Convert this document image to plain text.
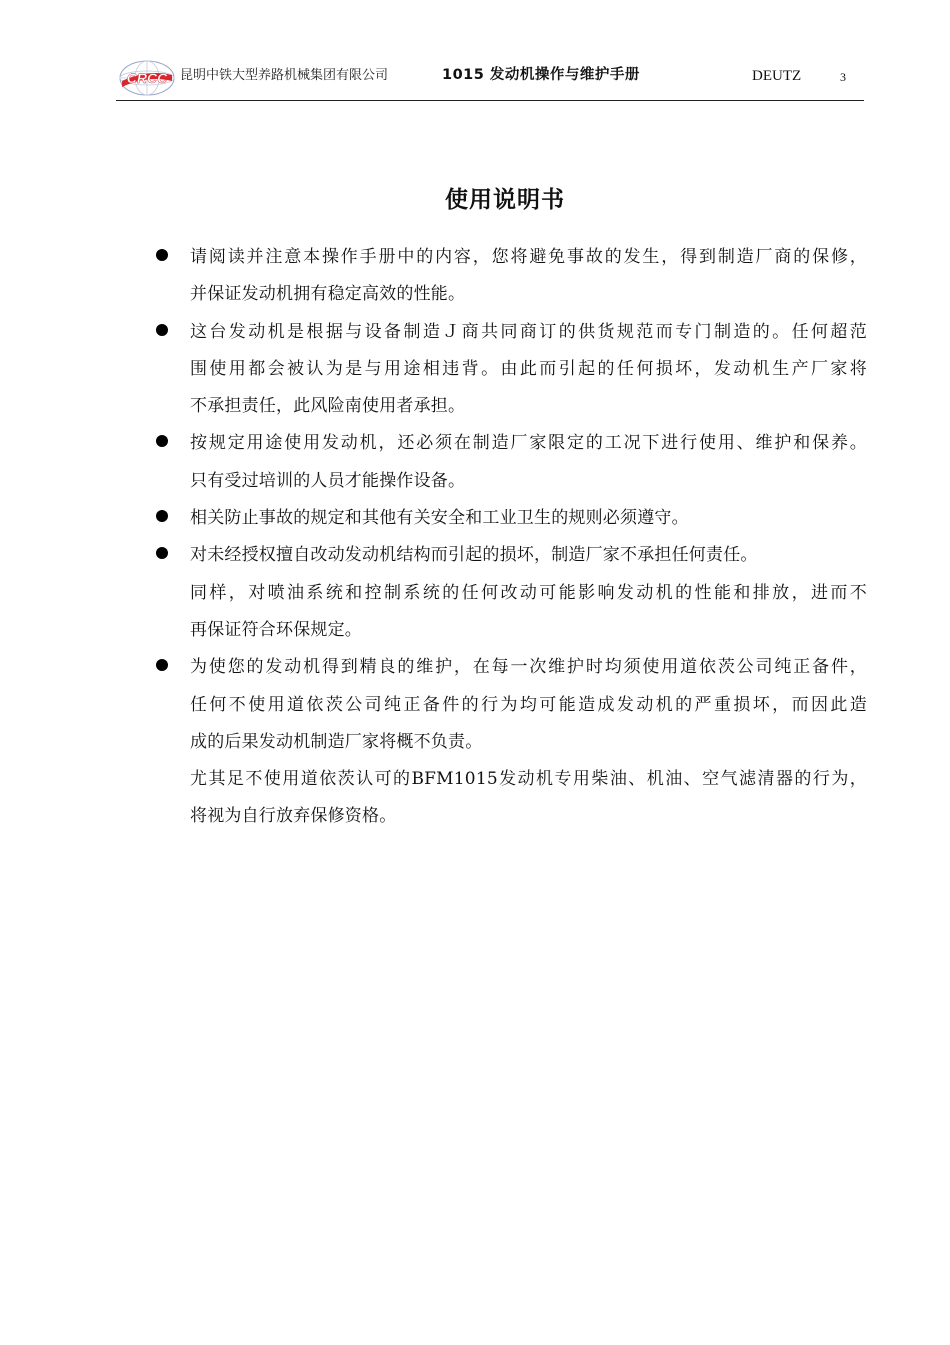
CRCC 昆明中铁大型养路机械集团有限公司	1015 发动机操作与维护手册	DEUTZ	3
使用说明书
请阅读并注意本操作手册中的内容，您将避免事故的发生，得到制造厂商的保修，
并保证发动机拥有稳定高效的性能。
这台发动机是根据与设备制造Ｊ商共同商订的供货规范而专门制造的。任何超范
围使用都会被认为是与用途相违背。由此而引起的任何损坏，发动机生产厂家将
不承担责任，此风险南使用者承担。
按规定用途使用发动机，还必须在制造厂家限定的工况下进行使用、维护和保养。
只有受过培训的人员才能操作设备。
相关防止事故的规定和其他有关安全和工业卫生的规则必须遵守。
对未经授权擅自改动发动机结构而引起的损坏，制造厂家不承担任何责任。
同样，对喷油系统和控制系统的任何改动可能影响发动机的性能和排放，进而不
再保证符合环保规定。
为使您的发动机得到精良的维护，在每一次维护时均须使用道依茨公司纯正备件，
任何不使用道依茨公司纯正备件的行为均可能造成发动机的严重损坏，而因此造
成的后果发动机制造厂家将概不负责。
尤其足不使用道依茨认可的BFM1015发动机专用柴油、机油、空气滤清器的行为，
将视为自行放弃保修资格。
